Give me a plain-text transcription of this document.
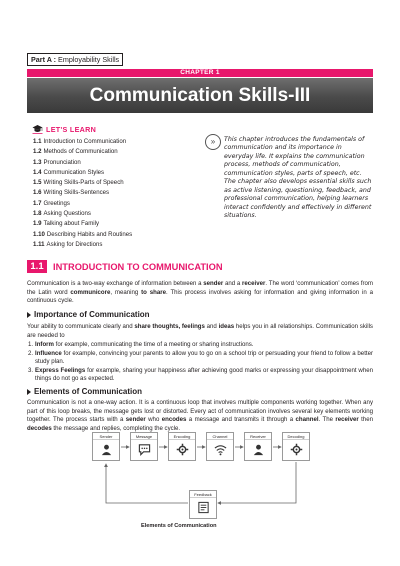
Part A : Employability Skills
CHAPTER 1
Communication Skills-III
LET'S LEARN
1.1 Introduction to Communication
1.2 Methods of Communication
1.3 Pronunciation
1.4 Communication Styles
1.5 Writing Skills-Parts of Speech
1.6 Writing Skills-Sentences
1.7 Greetings
1.8 Asking Questions
1.9 Talking about Family
1.10 Describing Habits and Routines
1.11 Asking for Directions
»	This chapter introduces the fundamentals of communication and its importance in everyday life. It explains the communication process, methods of communication, communication styles, parts of speech, etc. The chapter also develops essential skills such as active listening, questioning, feedback, and professional communication, helping learners interact confidently and effectively in different situations.

1.1	INTRODUCTION TO COMMUNICATION

Communication is a two-way exchange of information between a sender and a receiver. The word ‘communication’ comes from the Latin word communicore, meaning to share. This process involves asking for information and giving information in a continuous cycle.

Importance of Communication

Your ability to communicate clearly and share thoughts, feelings and ideas helps you in all relationships. Communication skills are needed to

1. Inform for example, communicating the time of a meeting or sharing instructions.
2. Influence for example, convincing your parents to allow you to go on a school trip or persuading your friend to follow a better study plan.
3. Express Feelings for example, sharing your happiness after achieving good marks or expressing your disappointment when things do not go as expected.
Elements of Communication

Communication is not a one-way action. It is a continuous loop that involves multiple components working together. When any part of this loop breaks, the message gets lost or distorted. Every act of communication involves several key elements working together. The process starts with a sender who encodes a message and transmits it through a channel. The receiver then decodes the message and replies, completing the cycle.

Sender	Message	Encoding	Channel	Receiver	Decoding
Feedback
Elements of Communication
